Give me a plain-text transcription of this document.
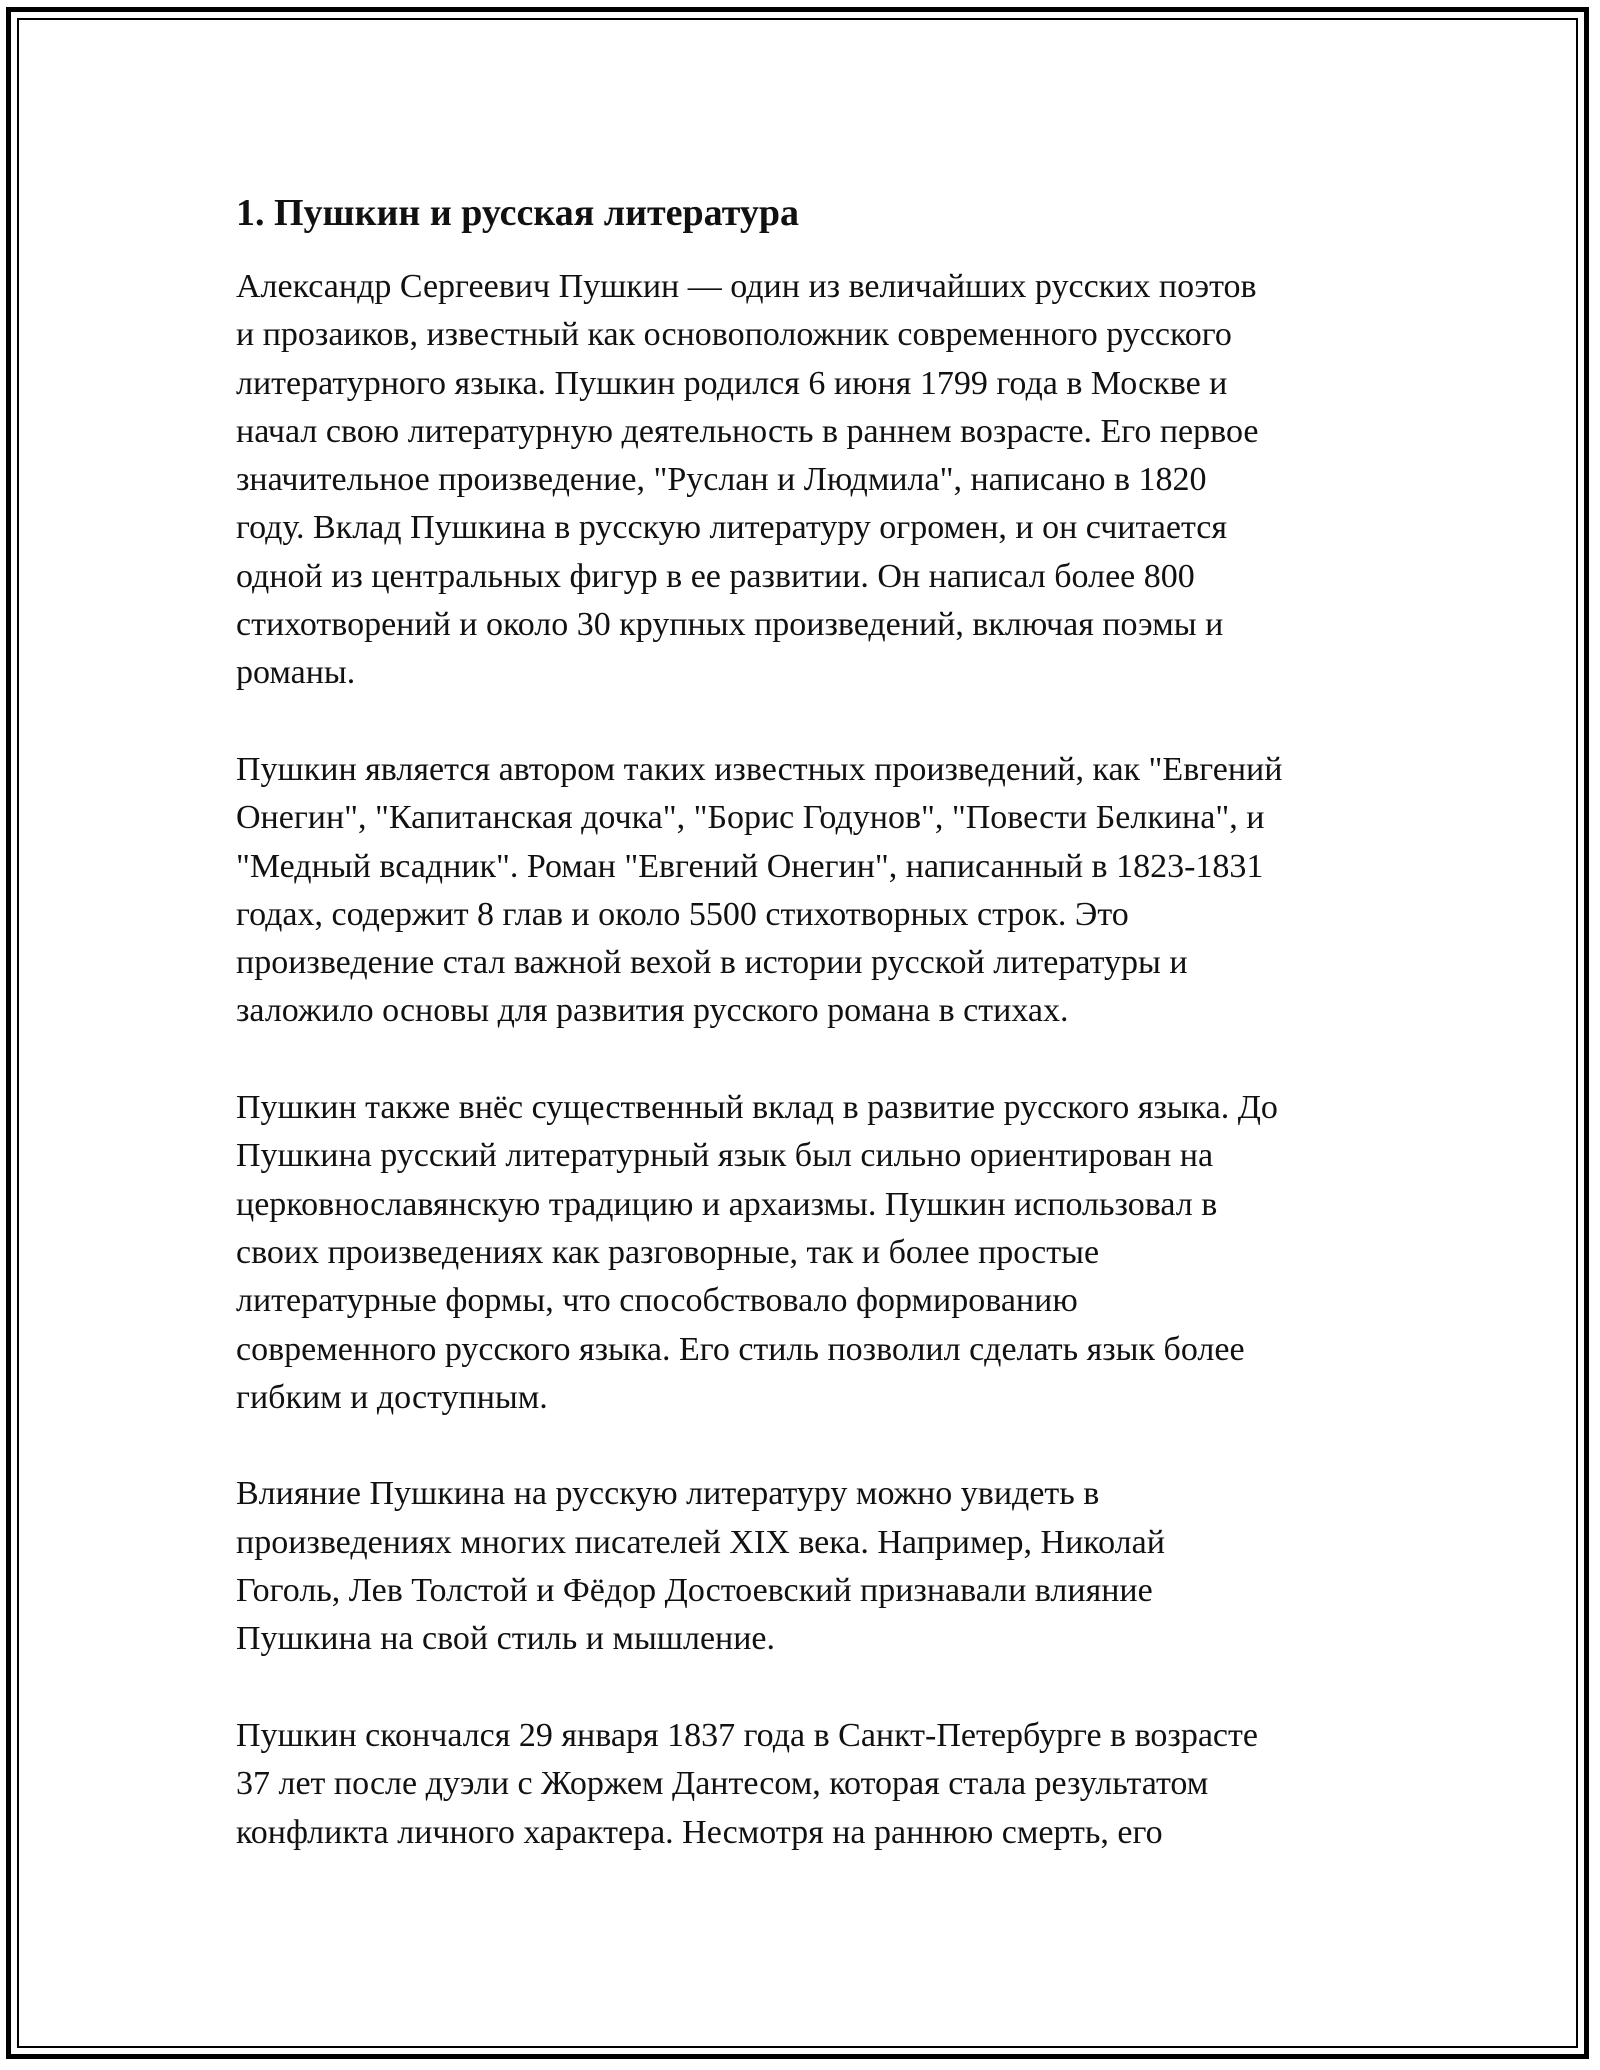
1. Пушкин и русская литература

Александр Сергеевич Пушкин — один из величайших русских поэтов
и прозаиков, известный как основоположник современного русского
литературного языка. Пушкин родился 6 июня 1799 года в Москве и
начал свою литературную деятельность в раннем возрасте. Его первое
значительное произведение, "Руслан и Людмила", написано в 1820
году. Вклад Пушкина в русскую литературу огромен, и он считается
одной из центральных фигур в ее развитии. Он написал более 800
стихотворений и около 30 крупных произведений, включая поэмы и
романы.

Пушкин является автором таких известных произведений, как "Евгений
Онегин", "Капитанская дочка", "Борис Годунов", "Повести Белкина", и
"Медный всадник". Роман "Евгений Онегин", написанный в 1823-1831
годах, содержит 8 глав и около 5500 стихотворных строк. Это
произведение стал важной вехой в истории русской литературы и
заложило основы для развития русского романа в стихах.

Пушкин также внёс существенный вклад в развитие русского языка. До
Пушкина русский литературный язык был сильно ориентирован на
церковнославянскую традицию и архаизмы. Пушкин использовал в
своих произведениях как разговорные, так и более простые
литературные формы, что способствовало формированию
современного русского языка. Его стиль позволил сделать язык более
гибким и доступным.

Влияние Пушкина на русскую литературу можно увидеть в
произведениях многих писателей XIX века. Например, Николай
Гоголь, Лев Толстой и Фёдор Достоевский признавали влияние
Пушкина на свой стиль и мышление.

Пушкин скончался 29 января 1837 года в Санкт-Петербурге в возрасте
37 лет после дуэли с Жоржем Дантесом, которая стала результатом
конфликта личного характера. Несмотря на раннюю смерть, его
